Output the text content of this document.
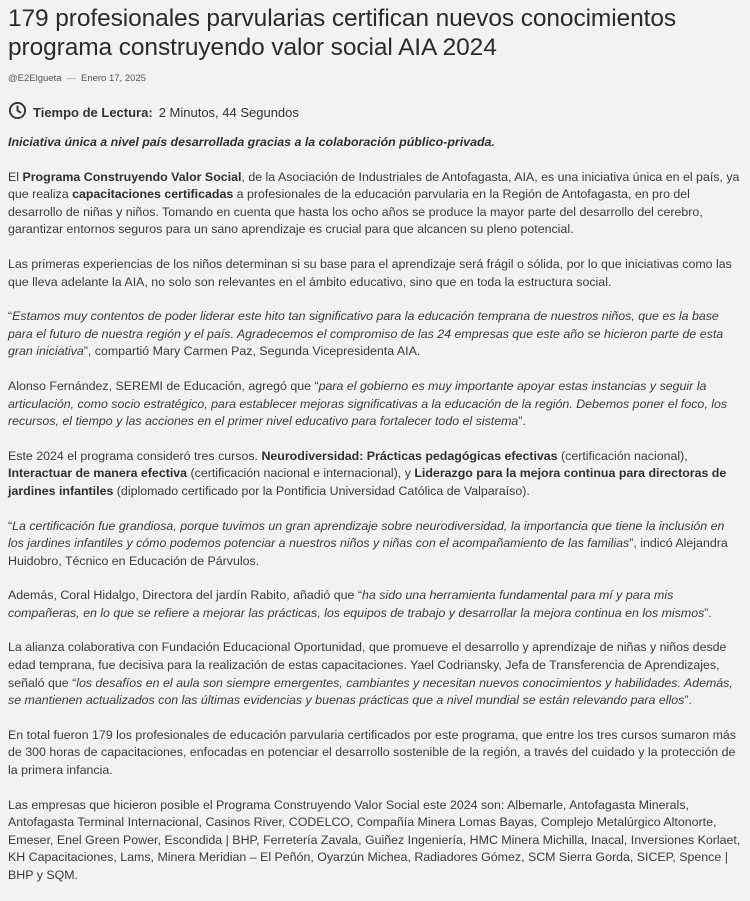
179 profesionales parvularias certifican nuevos conocimientos programa construyendo valor social AIA 2024
@E2Elgueta — Enero 17, 2025
Tiempo de Lectura: 2 Minutos, 44 Segundos

Iniciativa única a nivel país desarrollada gracias a la colaboración público-privada.

El Programa Construyendo Valor Social, de la Asociación de Industriales de Antofagasta, AIA, es una iniciativa única en el país, ya que realiza capacitaciones certificadas a profesionales de la educación parvularia en la Región de Antofagasta, en pro del desarrollo de niñas y niños. Tomando en cuenta que hasta los ocho años se produce la mayor parte del desarrollo del cerebro, garantizar entornos seguros para un sano aprendizaje es crucial para que alcancen su pleno potencial.

Las primeras experiencias de los niños determinan si su base para el aprendizaje será frágil o sólida, por lo que iniciativas como las que lleva adelante la AIA, no solo son relevantes en el ámbito educativo, sino que en toda la estructura social.

“Estamos muy contentos de poder liderar este hito tan significativo para la educación temprana de nuestros niños, que es la base para el futuro de nuestra región y el país. Agradecemos el compromiso de las 24 empresas que este año se hicieron parte de esta gran iniciativa”, compartió Mary Carmen Paz, Segunda Vicepresidenta AIA.

Alonso Fernández, SEREMI de Educación, agregó que “para el gobierno es muy importante apoyar estas instancias y seguir la articulación, como socio estratégico, para establecer mejoras significativas a la educación de la región. Debemos poner el foco, los recursos, el tiempo y las acciones en el primer nivel educativo para fortalecer todo el sistema”.

Este 2024 el programa consideró tres cursos. Neurodiversidad: Prácticas pedagógicas efectivas (certificación nacional), Interactuar de manera efectiva (certificación nacional e internacional), y Liderazgo para la mejora continua para directoras de jardines infantiles (diplomado certificado por la Pontificia Universidad Católica de Valparaíso).

“La certificación fue grandiosa, porque tuvimos un gran aprendizaje sobre neurodiversidad, la importancia que tiene la inclusión en los jardines infantiles y cómo podemos potenciar a nuestros niños y niñas con el acompañamiento de las familias”, indicó Alejandra Huidobro, Técnico en Educación de Párvulos.

Además, Coral Hidalgo, Directora del jardín Rabito, añadió que “ha sido una herramienta fundamental para mí y para mis compañeras, en lo que se refiere a mejorar las prácticas, los equipos de trabajo y desarrollar la mejora continua en los mismos”.

La alianza colaborativa con Fundación Educacional Oportunidad, que promueve el desarrollo y aprendizaje de niñas y niños desde edad temprana, fue decisiva para la realización de estas capacitaciones. Yael Codriansky, Jefa de Transferencia de Aprendizajes, señaló que “los desafíos en el aula son siempre emergentes, cambiantes y necesitan nuevos conocimientos y habilidades. Además, se mantienen actualizados con las últimas evidencias y buenas prácticas que a nivel mundial se están relevando para ellos”.

En total fueron 179 los profesionales de educación parvularia certificados por este programa, que entre los tres cursos sumaron más de 300 horas de capacitaciones, enfocadas en potenciar el desarrollo sostenible de la región, a través del cuidado y la protección de la primera infancia.

Las empresas que hicieron posible el Programa Construyendo Valor Social este 2024 son: Albemarle, Antofagasta Minerals, Antofagasta Terminal Internacional, Casinos River, CODELCO, Compañía Minera Lomas Bayas, Complejo Metalúrgico Altonorte, Emeser, Enel Green Power, Escondida | BHP, Ferretería Zavala, Guiñez Ingeniería, HMC Minera Michilla, Inacal, Inversiones Korlaet, KH Capacitaciones, Lams, Minera Meridian – El Peñón, Oyarzún Michea, Radiadores Gómez, SCM Sierra Gorda, SICEP, Spence | BHP y SQM.
